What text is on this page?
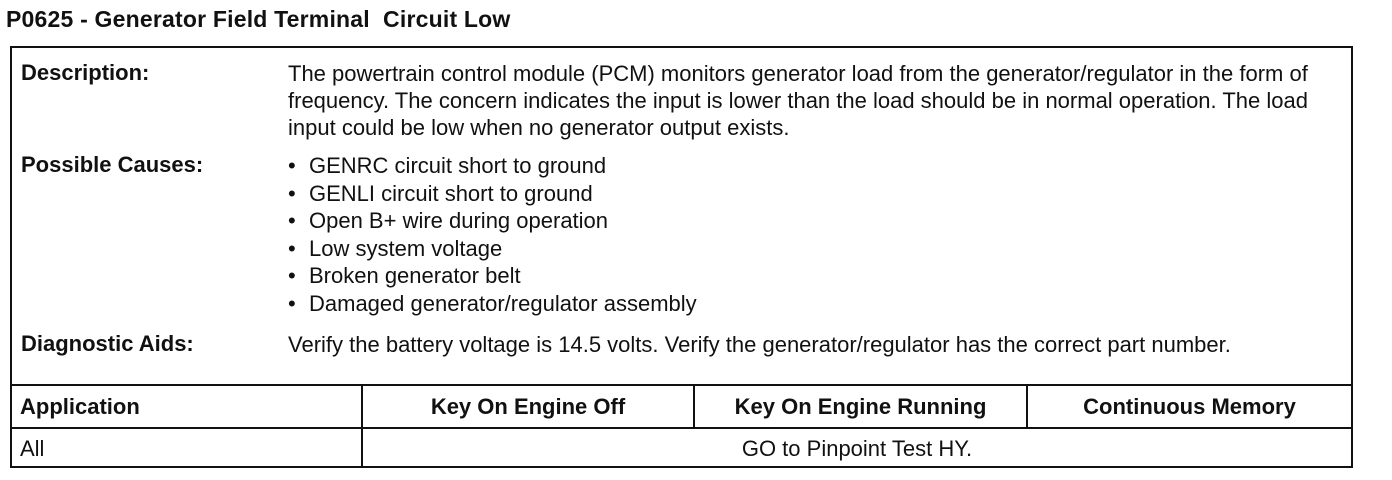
P0625 - Generator Field Terminal  Circuit Low
Description:	The powertrain control module (PCM) monitors generator load from the generator/regulator in the form of frequency. The concern indicates the input is lower than the load should be in normal operation. The load input could be low when no generator output exists.
Possible Causes:	• GENRC circuit short to ground
• GENLI circuit short to ground
• Open B+ wire during operation
• Low system voltage
• Broken generator belt
• Damaged generator/regulator assembly
Diagnostic Aids:	Verify the battery voltage is 14.5 volts. Verify the generator/regulator has the correct part number.
Application	Key On Engine Off	Key On Engine Running	Continuous Memory
All	GO to Pinpoint Test HY.
